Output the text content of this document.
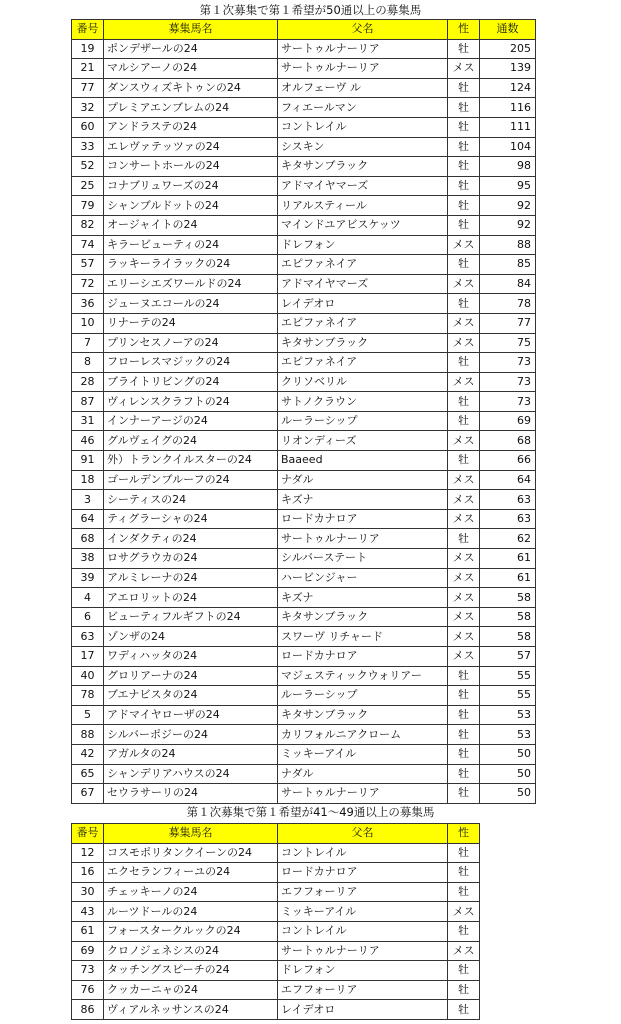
第１次募集で第１希望が50通以上の募集馬
番号	募集馬名	父名	性	通数
19	ポンデザールの24	サートゥルナーリア	牡	205
21	マルシアーノの24	サートゥルナーリア	メス	139
77	ダンスウィズキトゥンの24	オルフェーヴ ル	牡	124
32	プレミアエンブレムの24	フィエールマン	牡	116
60	アンドラステの24	コントレイル	牡	111
33	エレヴァテッツァの24	シスキン	牡	104
52	コンサートホールの24	キタサンブラック	牡	98
25	コナブリュワーズの24	アドマイヤマーズ	牡	95
79	シャンブルドットの24	リアルスティール	牡	92
82	オージャイトの24	マインドユアビスケッツ	牡	92
74	キラービューティの24	ドレフォン	メス	88
57	ラッキーライラックの24	エピファネイア	牡	85
72	エリーシエズワールドの24	アドマイヤマーズ	メス	84
36	ジューヌエコールの24	レイデオロ	牡	78
10	リナーテの24	エピファネイア	メス	77
7	プリンセスノーアの24	キタサンブラック	メス	75
8	フローレスマジックの24	エピファネイア	牡	73
28	ブライトリビングの24	クリソベリル	メス	73
87	ヴィレンスクラフトの24	サトノクラウン	牡	73
31	インナーアージの24	ルーラーシップ	牡	69
46	グルヴェイグの24	リオンディーズ	メス	68
91	外）トランクイルスターの24	Baaeed	牡	66
18	ゴールデンブルーフの24	ナダル	メス	64
3	シーティスの24	キズナ	メス	63
64	ティグラーシャの24	ロードカナロア	メス	63
68	インダクティの24	サートゥルナーリア	牡	62
38	ロサグラウカの24	シルバーステート	メス	61
39	アルミレーナの24	ハービンジャー	メス	61
4	アエロリットの24	キズナ	メス	58
6	ビューティフルギフトの24	キタサンブラック	メス	58
63	ゾンザの24	スワーヴ リチャード	メス	58
17	ワディハッタの24	ロードカナロア	メス	57
40	グロリアーナの24	マジェスティックウォリアー	牡	55
78	ブエナビスタの24	ルーラーシップ	牡	55
5	アドマイヤローザの24	キタサンブラック	牡	53
88	シルバーポジーの24	カリフォルニアクローム	牡	53
42	アガルタの24	ミッキーアイル	牡	50
65	シャンデリアハウスの24	ナダル	牡	50
67	セウラサーリの24	サートゥルナーリア	牡	50
第１次募集で第１希望が41～49通以上の募集馬
番号	募集馬名	父名	性
12	コスモポリタンクイーンの24	コントレイル	牡
16	エクセランフィーユの24	ロードカナロア	牡
30	チェッキーノの24	エフフォーリア	牡
43	ルーツドールの24	ミッキーアイル	メス
61	フォースタークルックの24	コントレイル	牡
69	クロノジェネシスの24	サートゥルナーリア	メス
73	タッチングスピーチの24	ドレフォン	牡
76	クッカーニャの24	エフフォーリア	牡
86	ヴィアルネッサンスの24	レイデオロ	牡
